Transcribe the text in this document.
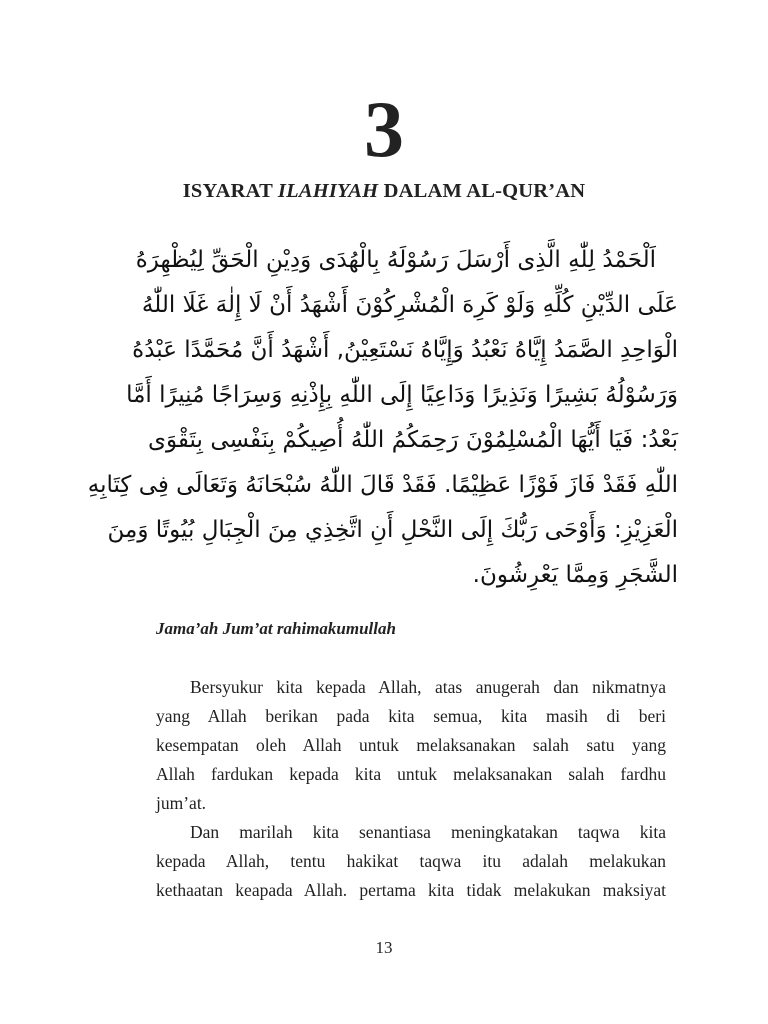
3
ISYARAT ILAHIYAH DALAM AL-QUR’AN
اَلْحَمْدُ لِلّٰهِ الَّذِى أَرْسَلَ رَسُوْلَهُ بِالْهُدَى وَدِيْنِ الْحَقِّ لِيُظْهِرَهُ
عَلَى الدِّيْنِ كُلِّهِ وَلَوْ كَرِهَ الْمُشْرِكُوْنَ أَشْهَدُ أَنْ لَا إِلٰهَ غَلَا اللّٰهُ
الْوَاحِدِ الصَّمَدُ إِيَّاهُ نَعْبُدُ وَإِيَّاهُ نَسْتَعِيْنُ, أَشْهَدُ أَنَّ مُحَمَّدًا عَبْدُهُ
وَرَسُوْلُهُ بَشِيرًا وَنَذِيرًا وَدَاعِيًا إِلَى اللّٰهِ بِإِذْنِهِ وَسِرَاجًا مُنِيرًا أَمَّا
بَعْدُ: فَيَا أَيُّهَا الْمُسْلِمُوْنَ رَحِمَكُمُ اللّٰهُ أُصِيكُمْ بِنَفْسِى بِتَقْوَى
اللّٰهِ فَقَدْ فَازَ فَوْزًا عَظِيْمًا. فَقَدْ قَالَ اللّٰهُ سُبْحَانَهُ وَتَعَالَى فِى كِتَابِهِ
الْعَزِيْزِ: وَأَوْحَى رَبُّكَ إِلَى النَّحْلِ أَنِ اتَّخِذِي مِنَ الْجِبَالِ بُيُوتًا وَمِنَ
الشَّجَرِ وَمِمَّا يَعْرِشُونَ.
Jama’ah Jum’at rahimakumullah
Bersyukur kita kepada Allah, atas anugerah dan nikmatnya
yang Allah berikan pada kita semua, kita masih di beri
kesempatan oleh Allah untuk melaksanakan salah satu yang
Allah fardukan kepada kita untuk melaksanakan salah fardhu
jum’at.
Dan marilah kita senantiasa meningkatakan taqwa kita
kepada Allah, tentu hakikat taqwa itu adalah melakukan
kethaatan keapada Allah. pertama kita tidak melakukan maksiyat
13
